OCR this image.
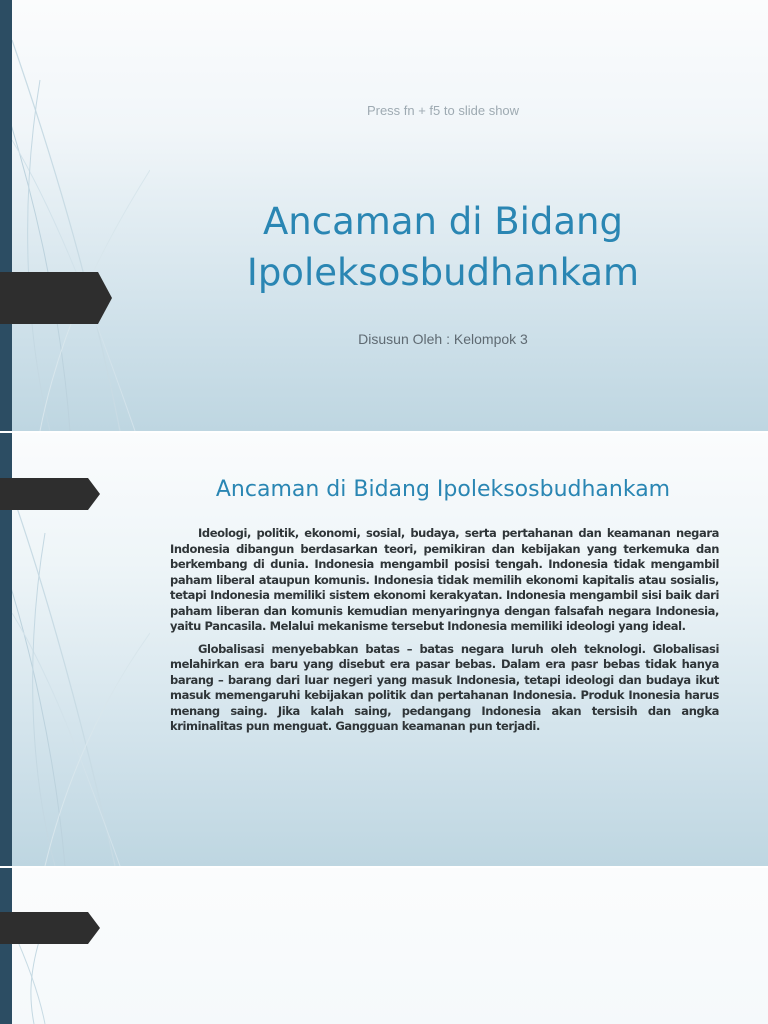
Press fn + f5 to slide show

Ancaman di Bidang
Ipoleksosbudhankam

Disusun Oleh : Kelompok 3

Ancaman di Bidang Ipoleksosbudhankam

Ideologi, politik, ekonomi, sosial, budaya, serta pertahanan dan keamanan negara Indonesia dibangun berdasarkan teori, pemikiran dan kebijakan yang terkemuka dan berkembang di dunia. Indonesia mengambil posisi tengah. Indonesia tidak mengambil paham liberal ataupun komunis. Indonesia tidak memilih ekonomi kapitalis atau sosialis, tetapi Indonesia memiliki sistem ekonomi kerakyatan. Indonesia mengambil sisi baik dari paham liberan dan komunis kemudian menyaringnya dengan falsafah negara Indonesia, yaitu Pancasila. Melalui mekanisme tersebut Indonesia memiliki ideologi yang ideal.

Globalisasi menyebabkan batas – batas negara luruh oleh teknologi. Globalisasi melahirkan era baru yang disebut era pasar bebas. Dalam era pasr bebas tidak hanya barang – barang dari luar negeri yang masuk Indonesia, tetapi ideologi dan budaya ikut masuk memengaruhi kebijakan politik dan pertahanan Indonesia. Produk Inonesia harus menang saing. Jika kalah saing, pedangang Indonesia akan tersisih dan angka kriminalitas pun menguat. Gangguan keamanan pun terjadi.
